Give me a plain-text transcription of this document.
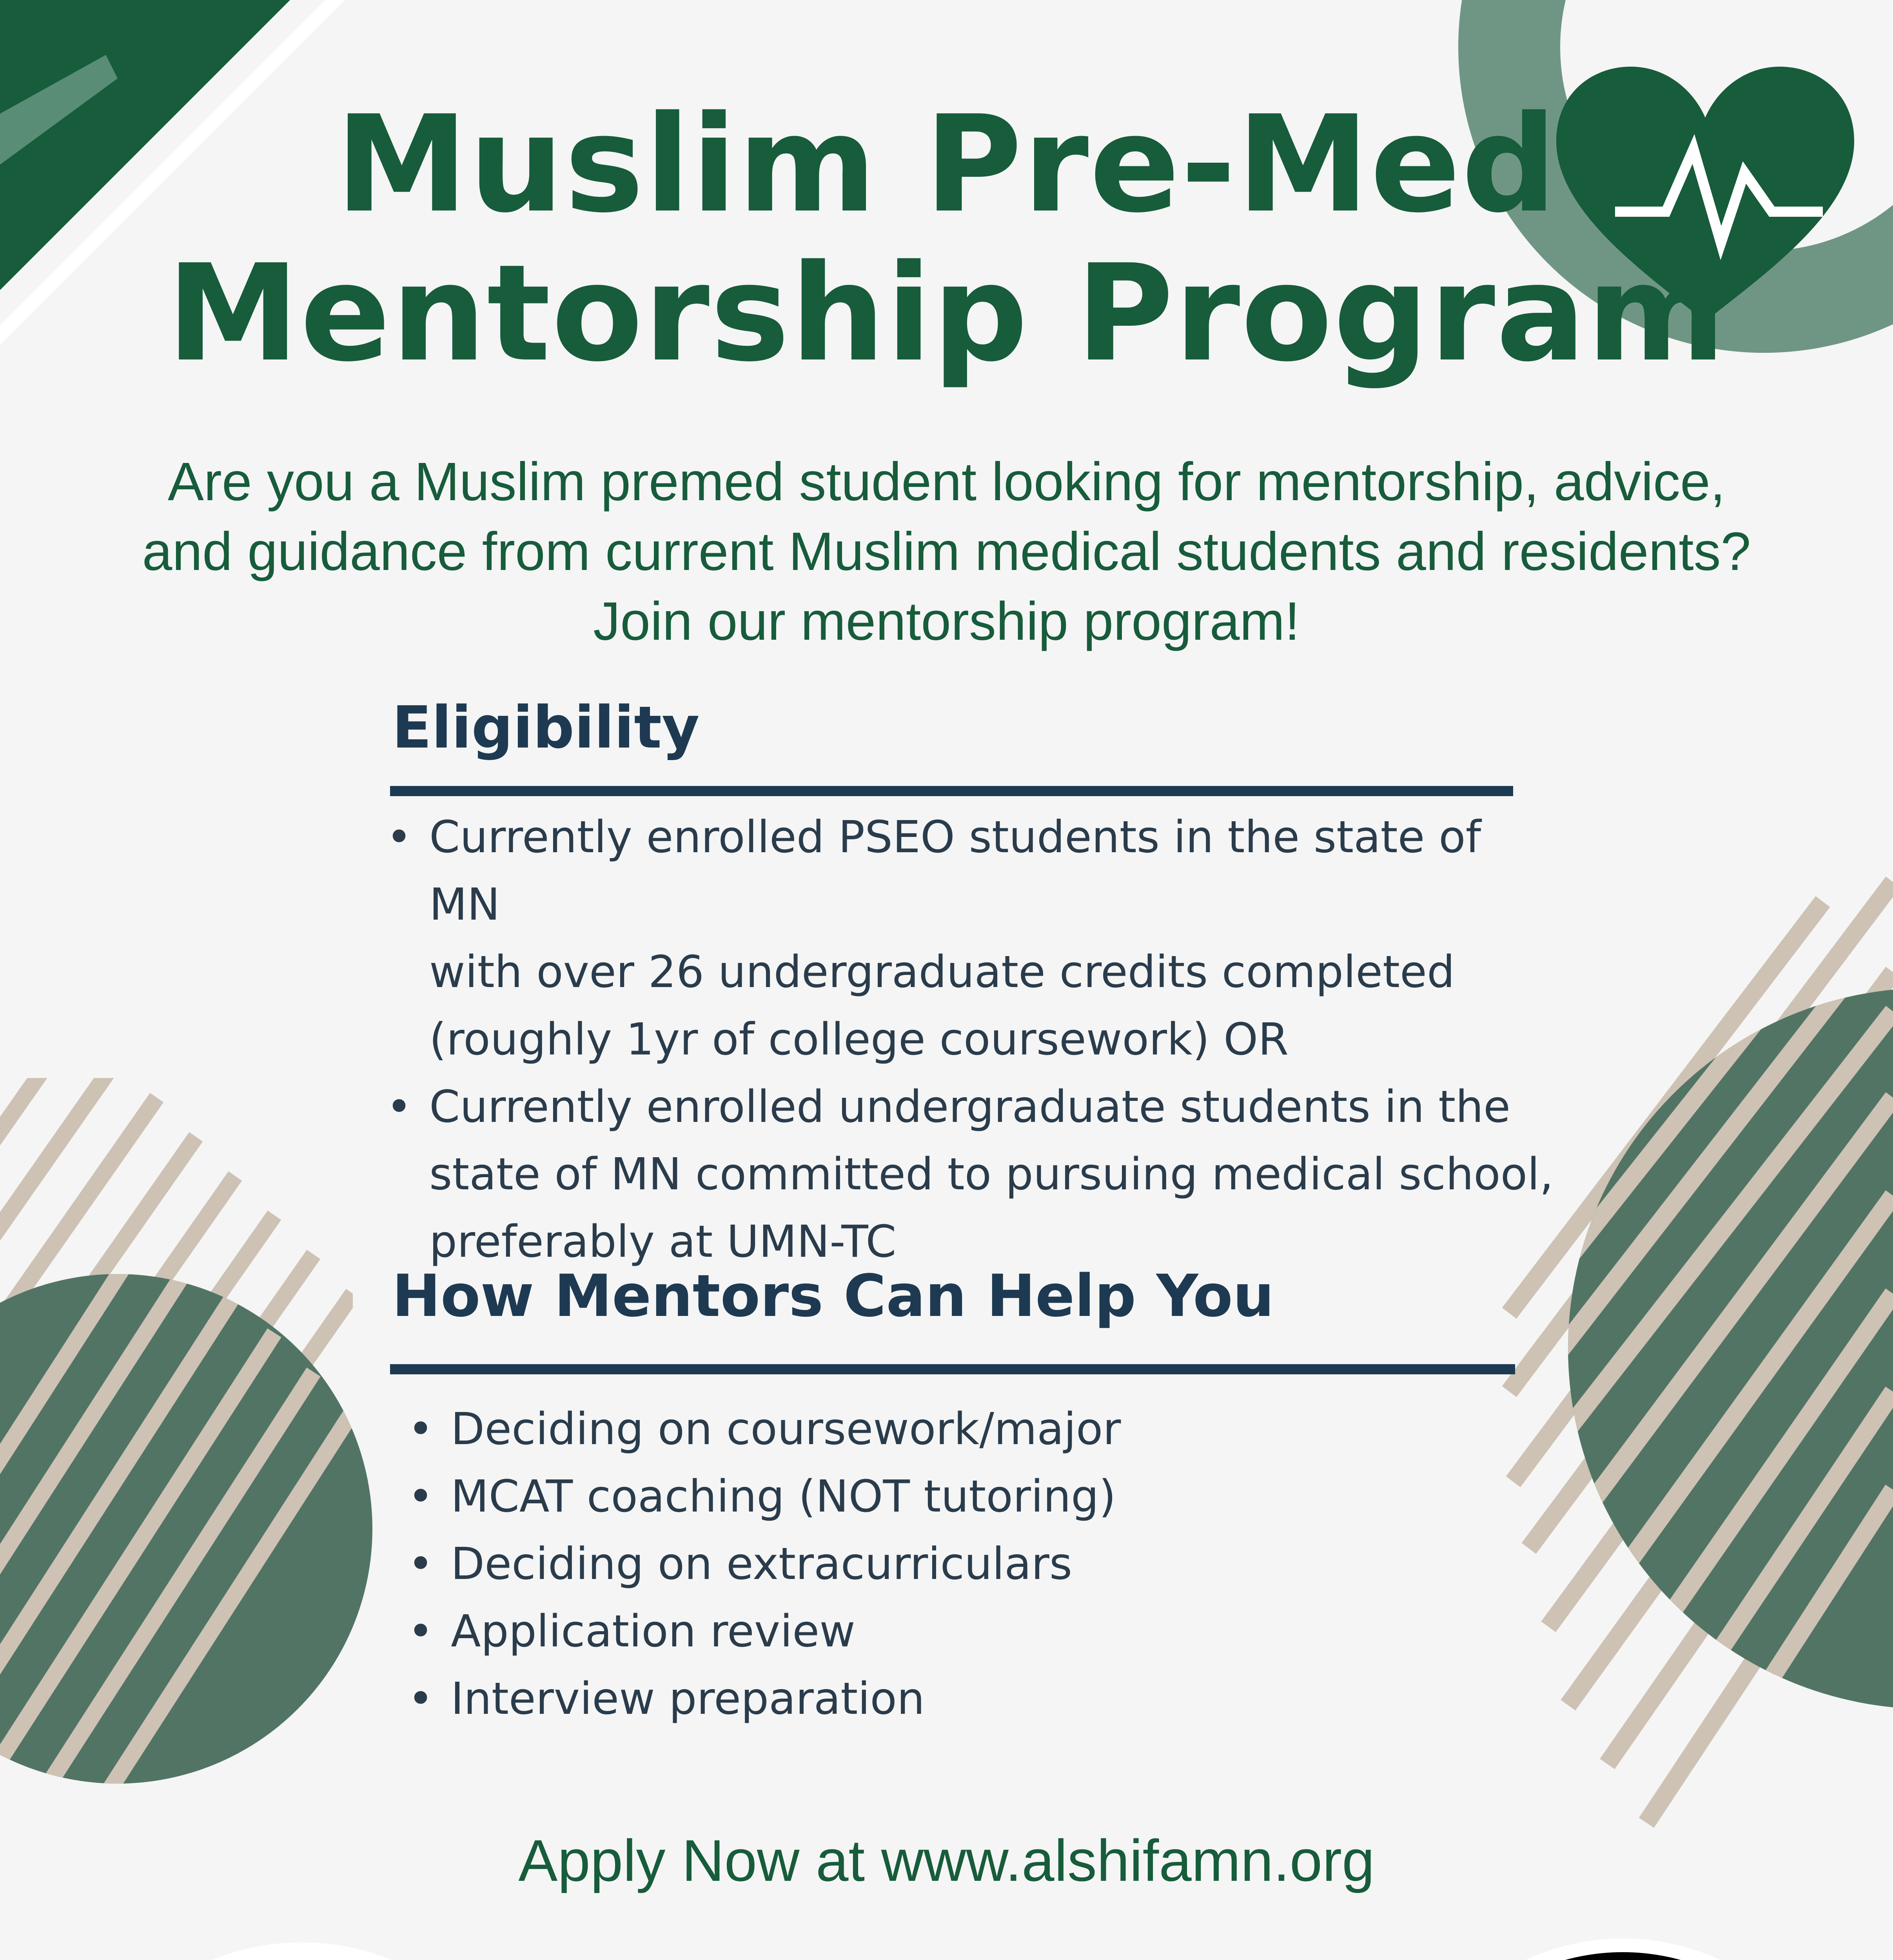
Muslim Pre-Med
Mentorship Program
Are you a Muslim premed student looking for mentorship, advice,
and guidance from current Muslim medical students and residents?
Join our mentorship program!
Eligibility
• Currently enrolled PSEO students in the state of MN
with over 26 undergraduate credits completed
(roughly 1yr of college coursework) OR
• Currently enrolled undergraduate students in the
state of MN committed to pursuing medical school,
preferably at UMN-TC
How Mentors Can Help You
• Deciding on coursework/major
• MCAT coaching (NOT tutoring)
• Deciding on extracurriculars
• Application review
• Interview preparation
Apply Now at www.alshifamn.org
